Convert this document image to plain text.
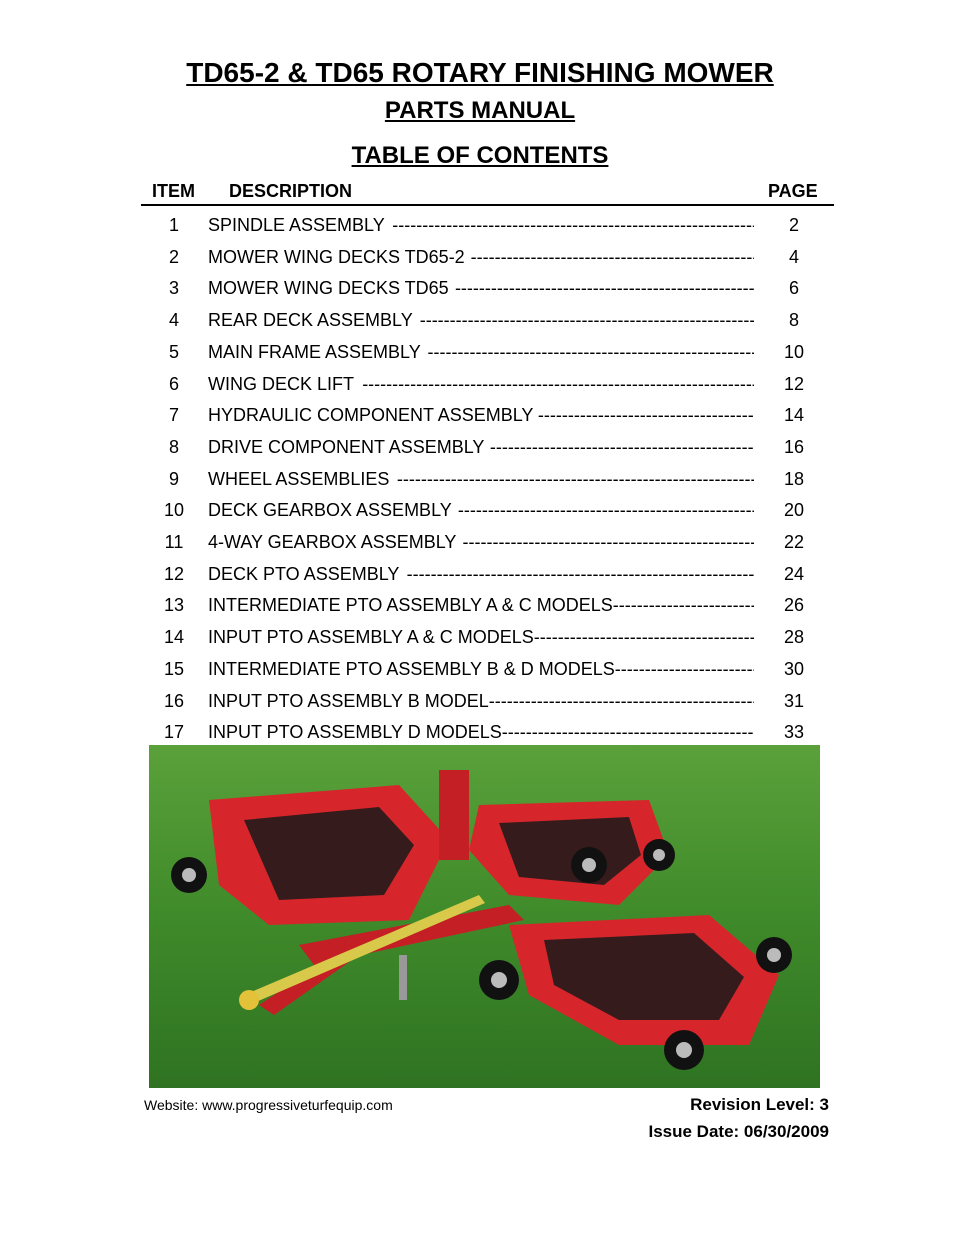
TD65-2 & TD65 ROTARY FINISHING MOWER
PARTS MANUAL
TABLE OF CONTENTS
ITEM DESCRIPTION	PAGE
1	SPINDLE ASSEMBLY -----	2
2	MOWER WING DECKS TD65-2 -----	4
3	MOWER WING DECKS TD65 -----	6
4	REAR DECK ASSEMBLY -----	8
5	MAIN FRAME ASSEMBLY -----	10
6	WING DECK LIFT -----	12
7	HYDRAULIC COMPONENT ASSEMBLY -----	14
8	DRIVE COMPONENT ASSEMBLY -----	16
9	WHEEL ASSEMBLIES -----	18
10	DECK GEARBOX ASSEMBLY -----	20
11	4-WAY GEARBOX ASSEMBLY -----	22
12	DECK PTO ASSEMBLY -----	24
13	INTERMEDIATE PTO ASSEMBLY A & C MODELS -----	26
14	INPUT PTO ASSEMBLY A & C MODELS -----	28
15	INTERMEDIATE PTO ASSEMBLY B & D MODELS -----	30
16	INPUT PTO ASSEMBLY B MODEL -----	31
17	INPUT PTO ASSEMBLY D MODELS -----	33
Website: www.progressiveturfequip.com	Revision Level: 3
Issue Date: 06/30/2009
